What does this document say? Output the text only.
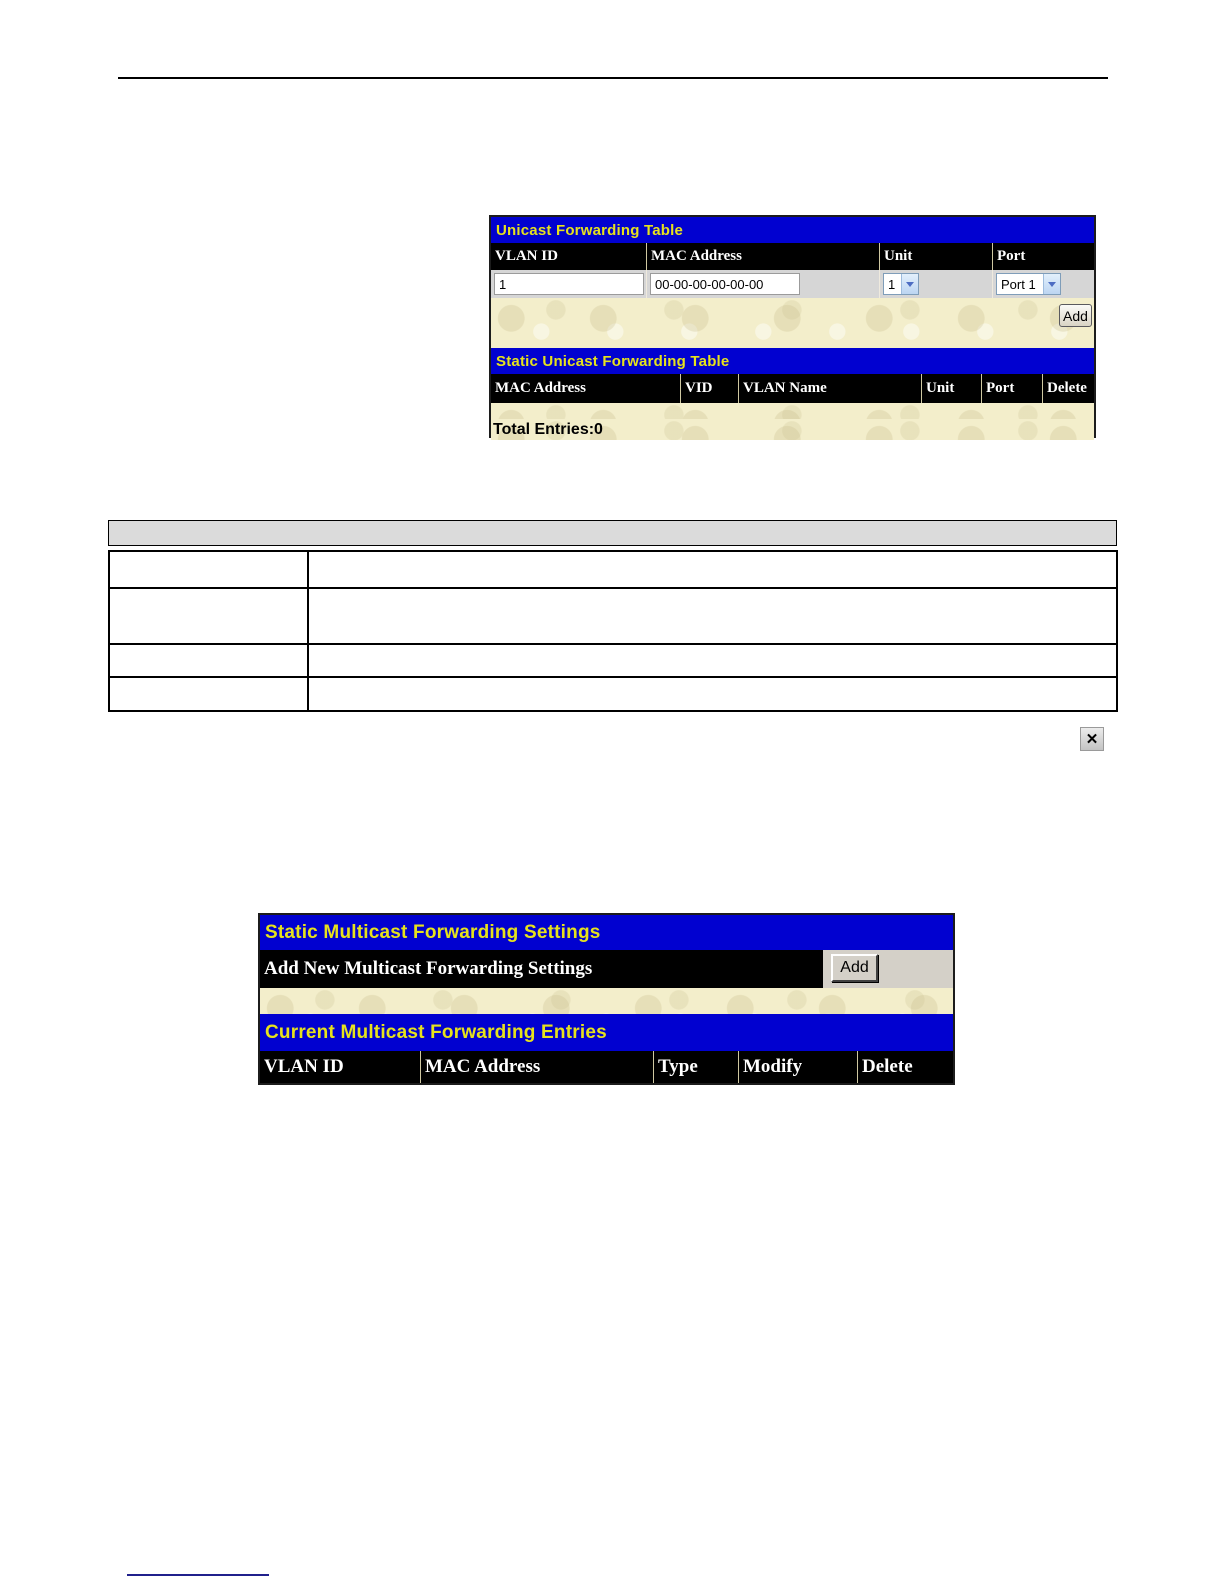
Unicast Forwarding Table
VLAN ID	MAC Address	Unit	Port
1	00-00-00-00-00-00	1	Port 1
Add
Static Unicast Forwarding Table
MAC Address	VID	VLAN Name	Unit	Port	Delete
Total Entries:0
✕
Static Multicast Forwarding Settings
Add New Multicast Forwarding Settings	Add
Current Multicast Forwarding Entries
VLAN ID	MAC Address	Type	Modify	Delete
